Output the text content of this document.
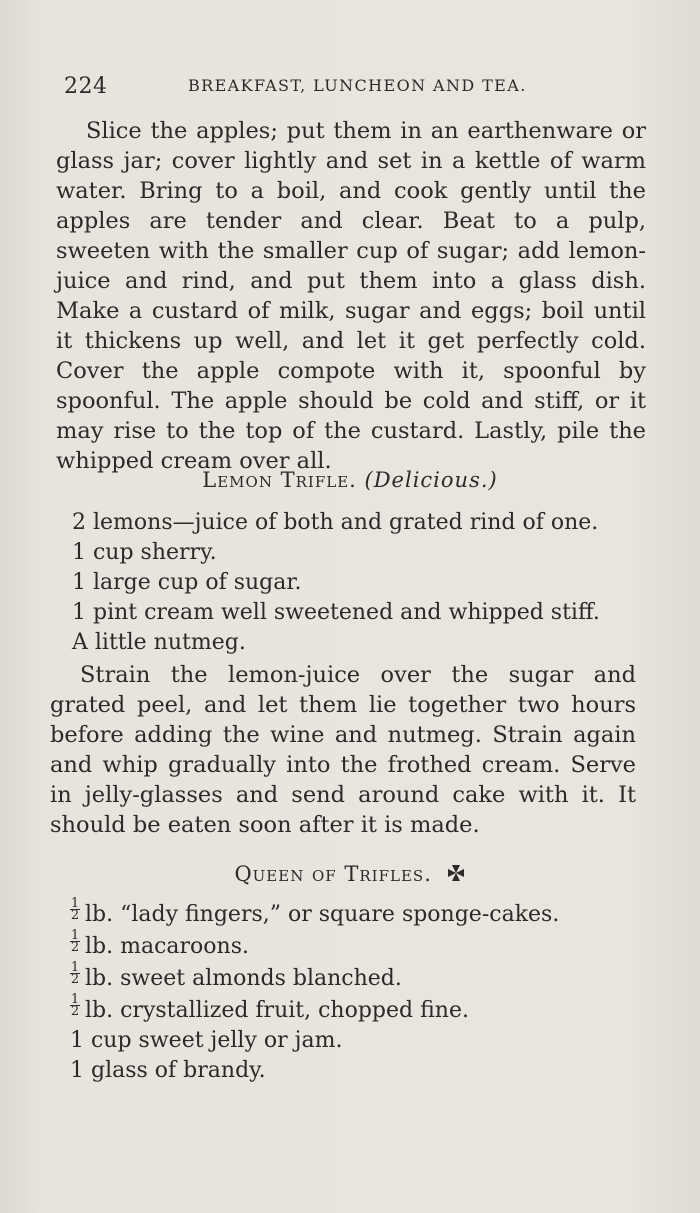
224	BREAKFAST, LUNCHEON AND TEA.

Slice the apples; put them in an earthenware or glass jar; cover lightly and set in a kettle of warm water. Bring to a boil, and cook gently until the apples are tender and clear. Beat to a pulp, sweeten with the smaller cup of sugar; add lemon-juice and rind, and put them into a glass dish. Make a custard of milk, sugar and eggs; boil until it thickens up well, and let it get perfectly cold. Cover the apple compote with it, spoonful by spoonful. The apple should be cold and stiff, or it may rise to the top of the custard. Lastly, pile the whipped cream over all.

Lemon Trifle. (Delicious.)
2 lemons—juice of both and grated rind of one.
1 cup sherry.
1 large cup of sugar.
1 pint cream well sweetened and whipped stiff.
A little nutmeg.

Strain the lemon-juice over the sugar and grated peel, and let them lie together two hours before adding the wine and nutmeg. Strain again and whip gradually into the frothed cream. Serve in jelly-glasses and send around cake with it. It should be eaten soon after it is made.

Queen of Trifles.
$\frac{1}{2}$ lb. “lady fingers,” or square sponge-cakes.
$\frac{1}{2}$ lb. macaroons.
$\frac{1}{2}$ lb. sweet almonds blanched.
$\frac{1}{2}$ lb. crystallized fruit, chopped fine.
1 cup sweet jelly or jam.
1 glass of brandy.
